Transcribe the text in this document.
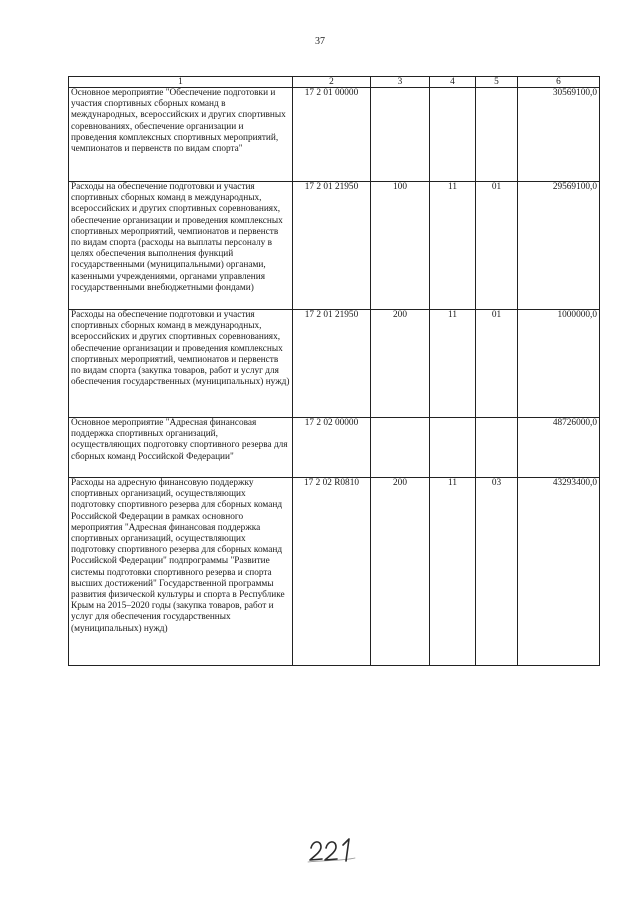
37
1	2	3	4	5	6
Основное мероприятие "Обеспечение подготовки и участия спортивных сборных команд в международных, всероссийских и других спортивных соревнованиях, обеспечение организации и проведения комплексных спортивных мероприятий, чемпионатов и первенств по видам спорта"	17 2 01 00000				30569100,0
Расходы на обеспечение подготовки и участия спортивных сборных команд в международных, всероссийских и других спортивных соревнованиях, обеспечение организации и проведения комплексных спортивных мероприятий, чемпионатов и первенств по видам спорта (расходы на выплаты персоналу в целях обеспечения выполнения функций государственными (муниципальными) органами, казенными учреждениями, органами управления государственными внебюджетными фондами)	17 2 01 21950	100	11	01	29569100,0
Расходы на обеспечение подготовки и участия спортивных сборных команд в международных, всероссийских и других спортивных соревнованиях, обеспечение организации и проведения комплексных спортивных мероприятий, чемпионатов и первенств по видам спорта (закупка товаров, работ и услуг для обеспечения государственных (муниципальных) нужд)	17 2 01 21950	200	11	01	1000000,0
Основное мероприятие "Адресная финансовая поддержка спортивных организаций, осуществляющих подготовку спортивного резерва для сборных команд Российской Федерации"	17 2 02 00000				48726000,0
Расходы на адресную финансовую поддержку спортивных организаций, осуществляющих подготовку спортивного резерва для сборных команд Российской Федерации в рамках основного мероприятия "Адресная финансовая поддержка спортивных организаций, осуществляющих подготовку спортивного резерва для сборных команд Российской Федерации" подпрограммы "Развитие системы подготовки спортивного резерва и спорта высших достижений" Государственной программы развития физической культуры и спорта в Республике Крым на 2015–2020 годы (закупка товаров, работ и услуг для обеспечения государственных (муниципальных) нужд)	17 2 02 R0810	200	11	03	43293400,0
